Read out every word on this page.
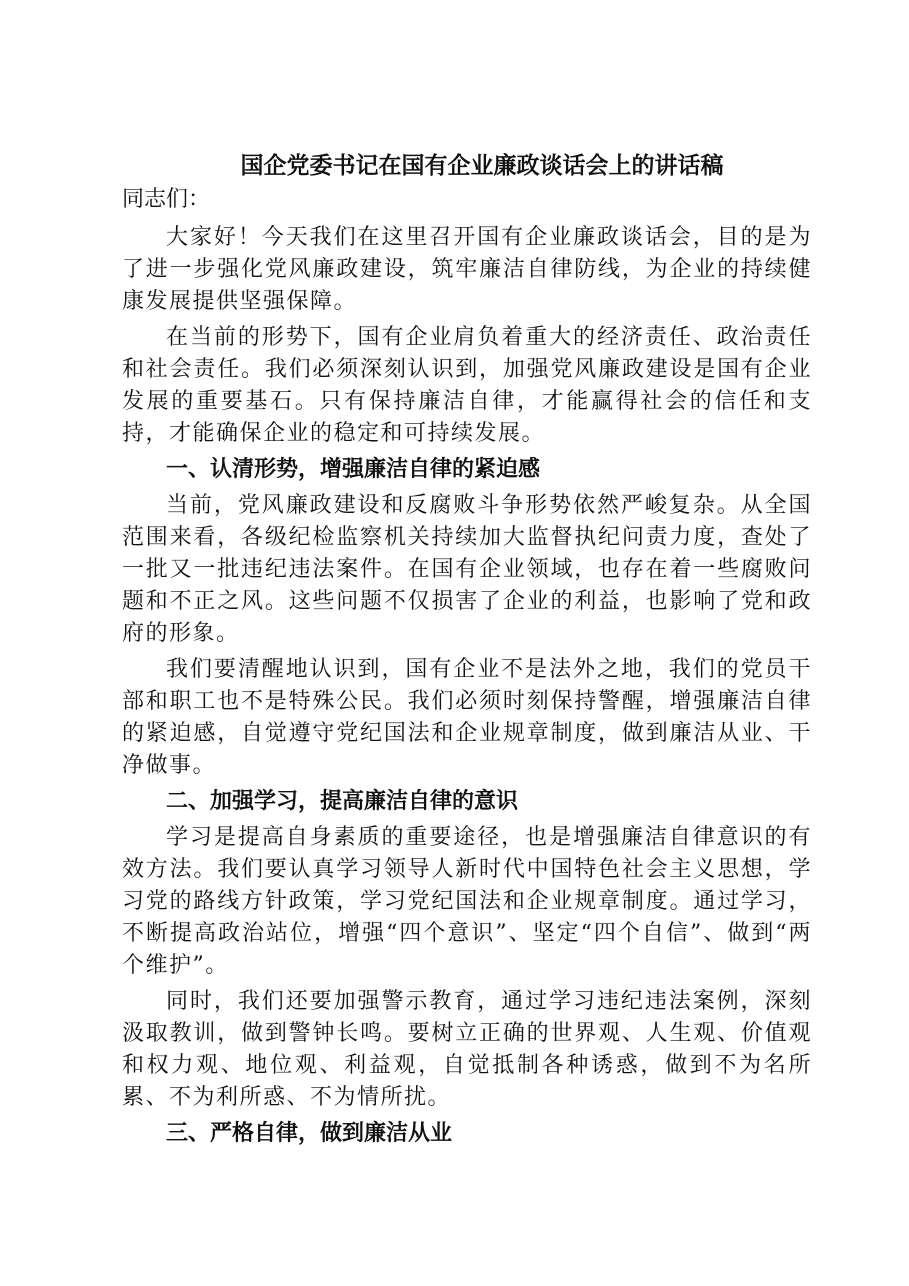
国企党委书记在国有企业廉政谈话会上的讲话稿

同志们：

大家好！今天我们在这里召开国有企业廉政谈话会，目的是为了进一步强化党风廉政建设，筑牢廉洁自律防线，为企业的持续健康发展提供坚强保障。

在当前的形势下，国有企业肩负着重大的经济责任、政治责任和社会责任。我们必须深刻认识到，加强党风廉政建设是国有企业发展的重要基石。只有保持廉洁自律，才能赢得社会的信任和支持，才能确保企业的稳定和可持续发展。

一、认清形势，增强廉洁自律的紧迫感

当前，党风廉政建设和反腐败斗争形势依然严峻复杂。从全国范围来看，各级纪检监察机关持续加大监督执纪问责力度，查处了一批又一批违纪违法案件。在国有企业领域，也存在着一些腐败问题和不正之风。这些问题不仅损害了企业的利益，也影响了党和政府的形象。

我们要清醒地认识到，国有企业不是法外之地，我们的党员干部和职工也不是特殊公民。我们必须时刻保持警醒，增强廉洁自律的紧迫感，自觉遵守党纪国法和企业规章制度，做到廉洁从业、干净做事。

二、加强学习，提高廉洁自律的意识

学习是提高自身素质的重要途径，也是增强廉洁自律意识的有效方法。我们要认真学习领导人新时代中国特色社会主义思想，学习党的路线方针政策，学习党纪国法和企业规章制度。通过学习，不断提高政治站位，增强“四个意识”、坚定“四个自信”、做到“两个维护”。

同时，我们还要加强警示教育，通过学习违纪违法案例，深刻汲取教训，做到警钟长鸣。要树立正确的世界观、人生观、价值观和权力观、地位观、利益观，自觉抵制各种诱惑，做到不为名所累、不为利所惑、不为情所扰。

三、严格自律，做到廉洁从业
